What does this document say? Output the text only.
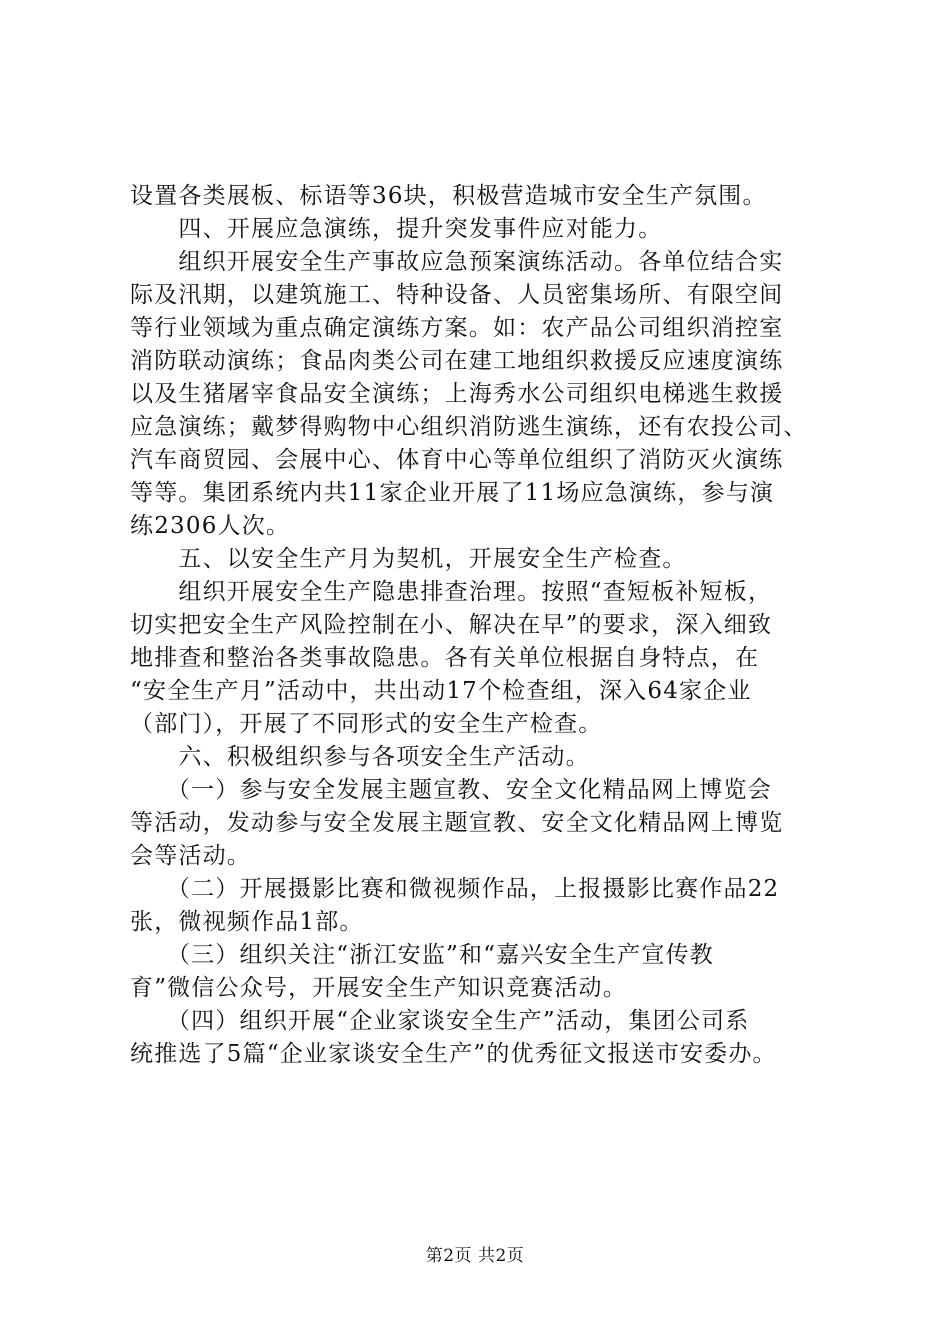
设置各类展板、标语等36块，积极营造城市安全生产氛围。
　　四、开展应急演练，提升突发事件应对能力。
　　组织开展安全生产事故应急预案演练活动。各单位结合实
际及汛期，以建筑施工、特种设备、人员密集场所、有限空间
等行业领域为重点确定演练方案。如：农产品公司组织消控室
消防联动演练；食品肉类公司在建工地组织救援反应速度演练
以及生猪屠宰食品安全演练；上海秀水公司组织电梯逃生救援
应急演练；戴梦得购物中心组织消防逃生演练，还有农投公司、
汽车商贸园、会展中心、体育中心等单位组织了消防灭火演练
等等。集团系统内共11家企业开展了11场应急演练，参与演
练2306人次。
　　五、以安全生产月为契机，开展安全生产检查。
　　组织开展安全生产隐患排查治理。按照“查短板补短板，
切实把安全生产风险控制在小、解决在早”的要求，深入细致
地排查和整治各类事故隐患。各有关单位根据自身特点，在
“安全生产月”活动中，共出动17个检查组，深入64家企业
（部门），开展了不同形式的安全生产检查。
　　六、积极组织参与各项安全生产活动。
　　（一）参与安全发展主题宣教、安全文化精品网上博览会
等活动，发动参与安全发展主题宣教、安全文化精品网上博览
会等活动。
　　（二）开展摄影比赛和微视频作品，上报摄影比赛作品22
张，微视频作品1部。
　　（三）组织关注“浙江安监”和“嘉兴安全生产宣传教
育”微信公众号，开展安全生产知识竞赛活动。
　　（四）组织开展“企业家谈安全生产”活动，集团公司系
统推选了5篇“企业家谈安全生产”的优秀征文报送市安委办。
第2页 共2页
